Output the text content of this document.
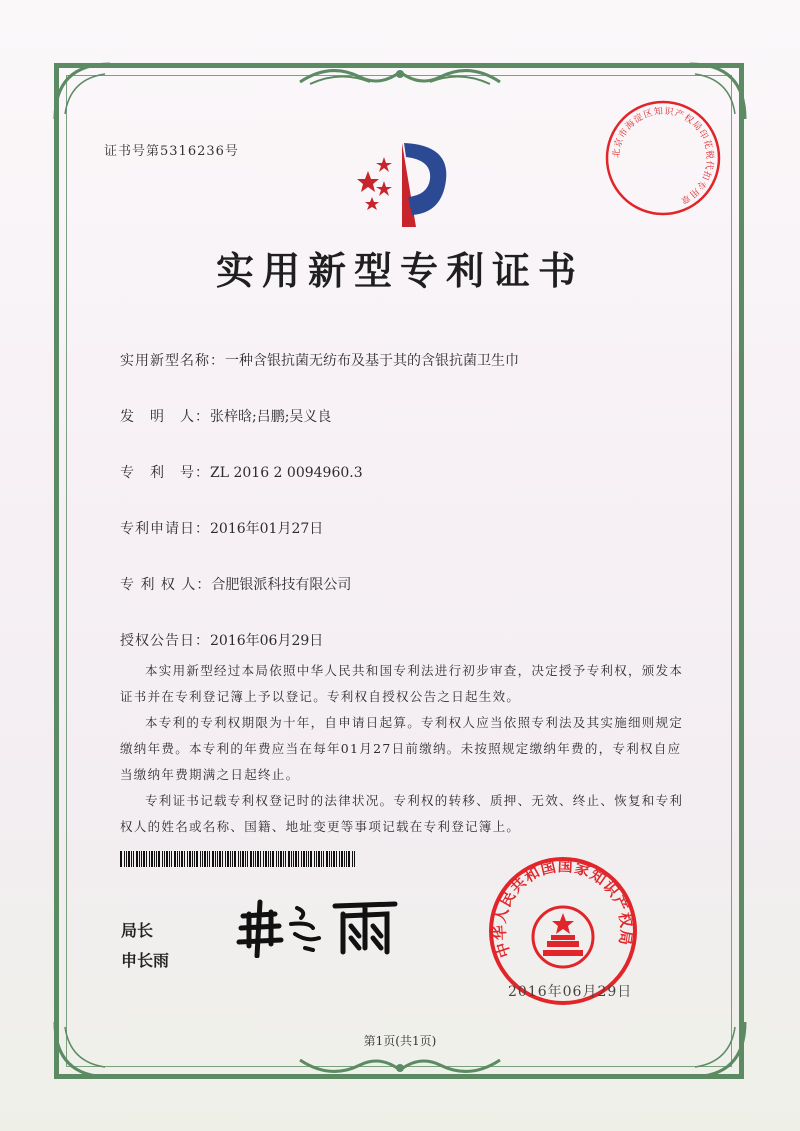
证书号第5316236号	北京市海淀区知识产权局印花税代扣专用章
实用新型专利证书
实用新型名称：一种含银抗菌无纺布及基于其的含银抗菌卫生巾
发　明　人：张梓晗;吕鹏;吴义良
专　利　号：ZL 2016 2 0094960.3
专利申请日：2016年01月27日
专 利 权 人：合肥银派科技有限公司
授权公告日：2016年06月29日

本实用新型经过本局依照中华人民共和国专利法进行初步审查，决定授予专利权，颁发本证书并在专利登记簿上予以登记。专利权自授权公告之日起生效。

本专利的专利权期限为十年，自申请日起算。专利权人应当依照专利法及其实施细则规定缴纳年费。本专利的年费应当在每年01月27日前缴纳。未按照规定缴纳年费的，专利权自应当缴纳年费期满之日起终止。

专利证书记载专利权登记时的法律状况。专利权的转移、质押、无效、终止、恢复和专利权人的姓名或名称、国籍、地址变更等事项记载在专利登记簿上。

局长
申长雨
中华人民共和国国家知识产权局
2016年06月29日
第1页(共1页)
